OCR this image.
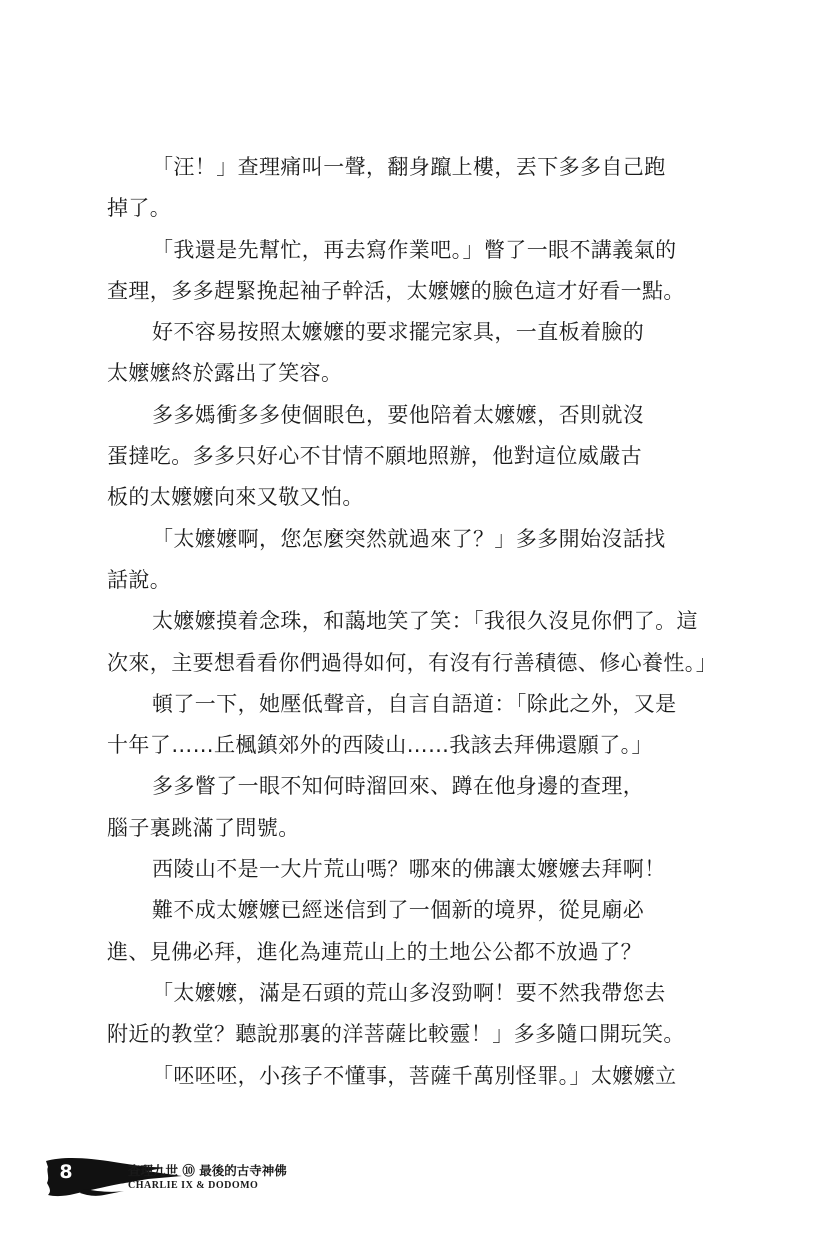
「汪！」查理痛叫一聲，翻身躥上樓，丟下多多自己跑
掉了。
「我還是先幫忙，再去寫作業吧。」瞥了一眼不講義氣的
查理，多多趕緊挽起袖子幹活，太嬤嬤的臉色這才好看一點。
好不容易按照太嬤嬤的要求擺完家具，一直板着臉的
太嬤嬤終於露出了笑容。
多多媽衝多多使個眼色，要他陪着太嬤嬤，否則就沒
蛋撻吃。多多只好心不甘情不願地照辦，他對這位威嚴古
板的太嬤嬤向來又敬又怕。
「太嬤嬤啊，您怎麼突然就過來了？」多多開始沒話找
話說。
太嬤嬤摸着念珠，和藹地笑了笑：「我很久沒見你們了。這
次來，主要想看看你們過得如何，有沒有行善積德、修心養性。」
頓了一下，她壓低聲音，自言自語道：「除此之外，又是
十年了……丘楓鎮郊外的西陵山……我該去拜佛還願了。」
多多瞥了一眼不知何時溜回來、蹲在他身邊的查理，
腦子裏跳滿了問號。
西陵山不是一大片荒山嗎？哪來的佛讓太嬤嬤去拜啊！
難不成太嬤嬤已經迷信到了一個新的境界，從見廟必
進、見佛必拜，進化為連荒山上的土地公公都不放過了？
「太嬤嬤，滿是石頭的荒山多沒勁啊！要不然我帶您去
附近的教堂？聽說那裏的洋菩薩比較靈！」多多隨口開玩笑。
「呸呸呸，小孩子不懂事，菩薩千萬別怪罪。」太嬤嬤立
8	查理九世 ⑩ 最後的古寺神佛
CHARLIE IX & DODOMO
